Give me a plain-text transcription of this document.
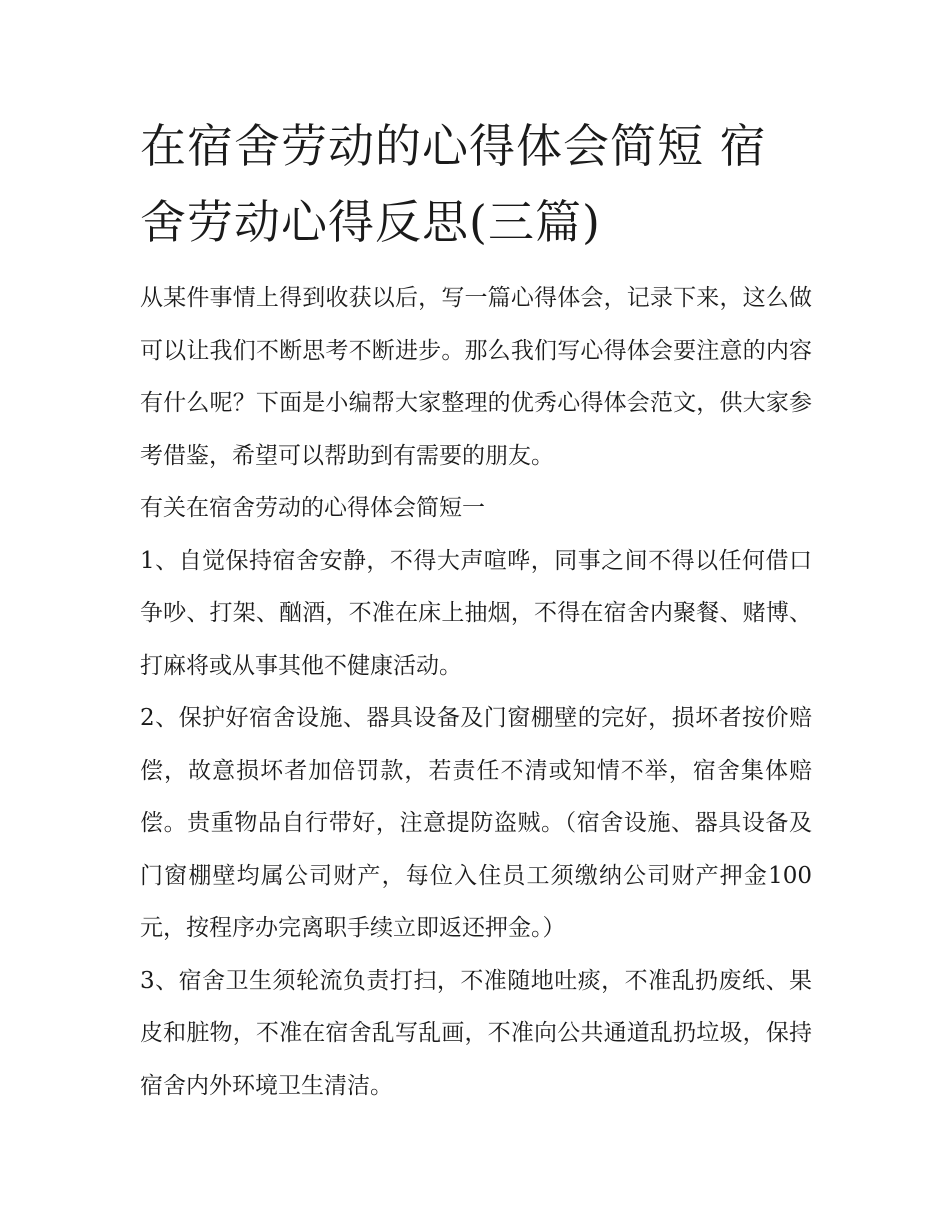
在宿舍劳动的心得体会简短 宿舍劳动心得反思(三篇)

从某件事情上得到收获以后，写一篇心得体会，记录下来，这么做可以让我们不断思考不断进步。那么我们写心得体会要注意的内容有什么呢？下面是小编帮大家整理的优秀心得体会范文，供大家参考借鉴，希望可以帮助到有需要的朋友。

有关在宿舍劳动的心得体会简短一

1、自觉保持宿舍安静，不得大声喧哗，同事之间不得以任何借口争吵、打架、酗酒，不准在床上抽烟，不得在宿舍内聚餐、赌博、打麻将或从事其他不健康活动。

2、保护好宿舍设施、器具设备及门窗棚壁的完好，损坏者按价赔偿，故意损坏者加倍罚款，若责任不清或知情不举，宿舍集体赔偿。贵重物品自行带好，注意提防盗贼。（宿舍设施、器具设备及门窗棚壁均属公司财产，每位入住员工须缴纳公司财产押金100元，按程序办完离职手续立即返还押金。）

3、宿舍卫生须轮流负责打扫，不准随地吐痰，不准乱扔废纸、果皮和脏物，不准在宿舍乱写乱画，不准向公共通道乱扔垃圾，保持宿舍内外环境卫生清洁。
